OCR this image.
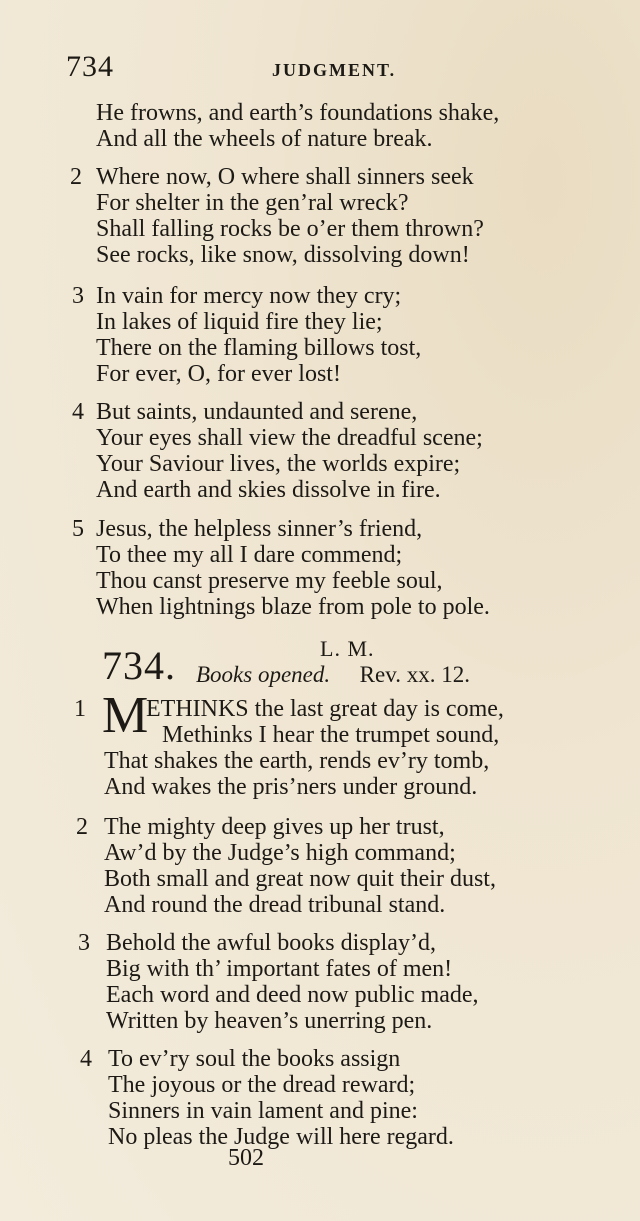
734	JUDGMENT.
He frowns, and earth’s foundations shake,
And all the wheels of nature break.
2 Where now, O where shall sinners seek
For shelter in the gen’ral wreck?
Shall falling rocks be o’er them thrown?
See rocks, like snow, dissolving down!
3 In vain for mercy now they cry;
In lakes of liquid fire they lie;
There on the flaming billows tost,
For ever, O, for ever lost!
4 But saints, undaunted and serene,
Your eyes shall view the dreadful scene;
Your Saviour lives, the worlds expire;
And earth and skies dissolve in fire.
5 Jesus, the helpless sinner’s friend,
To thee my all I dare commend;
Thou canst preserve my feeble soul,
When lightnings blaze from pole to pole.
734.	L. M.
Books opened. Rev. xx. 12.
1 M
ETHINKS the last great day is come,
Methinks I hear the trumpet sound,
That shakes the earth, rends ev’ry tomb,
And wakes the pris’ners under ground.
2 The mighty deep gives up her trust,
Aw’d by the Judge’s high command;
Both small and great now quit their dust,
And round the dread tribunal stand.
3 Behold the awful books display’d,
Big with th’ important fates of men!
Each word and deed now public made,
Written by heaven’s unerring pen.
4 To ev’ry soul the books assign
The joyous or the dread reward;
Sinners in vain lament and pine:
No pleas the Judge will here regard.
502
